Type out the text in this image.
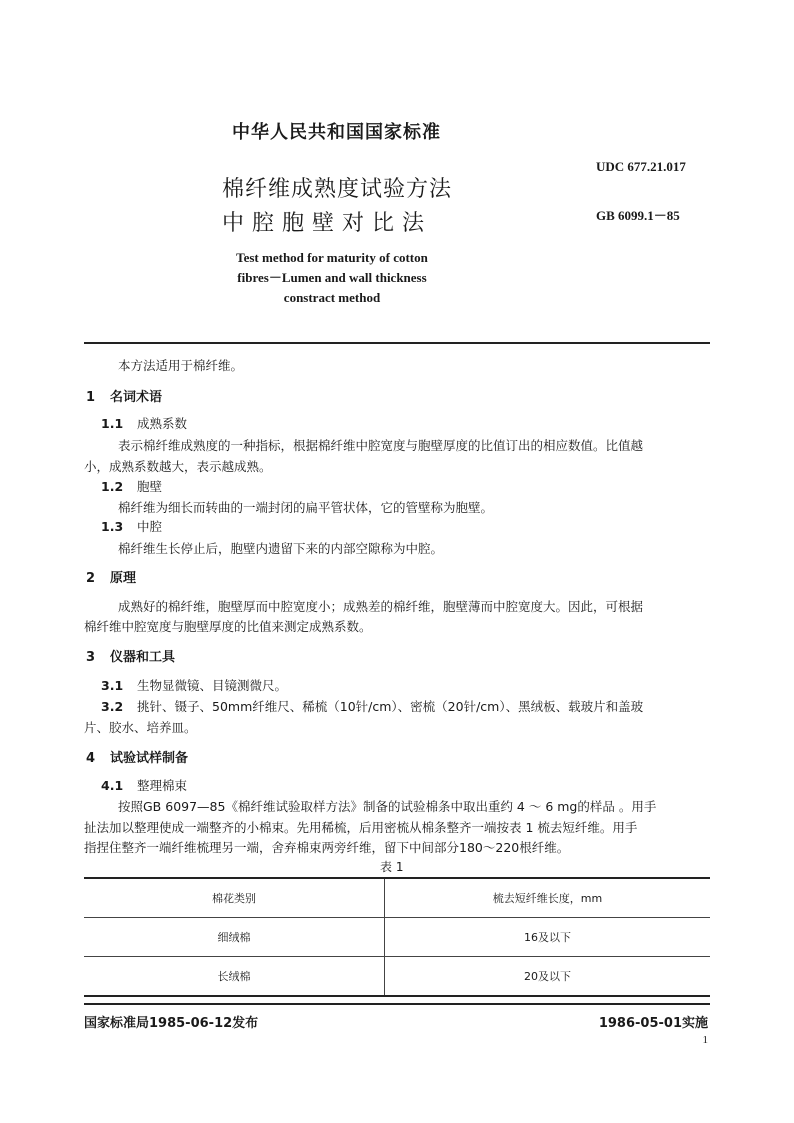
中华人民共和国国家标准
棉纤维成熟度试验方法
中腔胞壁对比法
UDC 677.21.017
GB 6099.1－85
Test method for maturity of cotton fibres－Lumen and wall thickness constract method
本方法适用于棉纤维。
1 名词术语
1.1 成熟系数
表示棉纤维成熟度的一种指标，根据棉纤维中腔宽度与胞壁厚度的比值订出的相应数值。比值越
小，成熟系数越大，表示越成熟。
1.2 胞壁
棉纤维为细长而转曲的一端封闭的扁平管状体，它的管壁称为胞壁。
1.3 中腔
棉纤维生长停止后，胞壁内遗留下来的内部空隙称为中腔。
2 原理
成熟好的棉纤维，胞壁厚而中腔宽度小；成熟差的棉纤维，胞壁薄而中腔宽度大。因此，可根据
棉纤维中腔宽度与胞壁厚度的比值来测定成熟系数。
3 仪器和工具
3.1 生物显微镜、目镜测微尺。
3.2 挑针、镊子、50mm纤维尺、稀梳（10针/cm）、密梳（20针/cm）、黑绒板、载玻片和盖玻
片、胶水、培养皿。
4 试验试样制备
4.1 整理棉束
按照GB 6097—85《棉纤维试验取样方法》制备的试验棉条中取出重约 4 ～ 6 mg的样品 。用手
扯法加以整理使成一端整齐的小棉束。先用稀梳，后用密梳从棉条整齐一端按表 1 梳去短纤维。用手
指捏住整齐一端纤维梳理另一端，舍弃棉束两旁纤维，留下中间部分180～220根纤维。
表 1
棉花类别	梳去短纤维长度，mm
细绒棉	16及以下
长绒棉	20及以下
国家标准局1985-06-12发布	1986-05-01实施
1
